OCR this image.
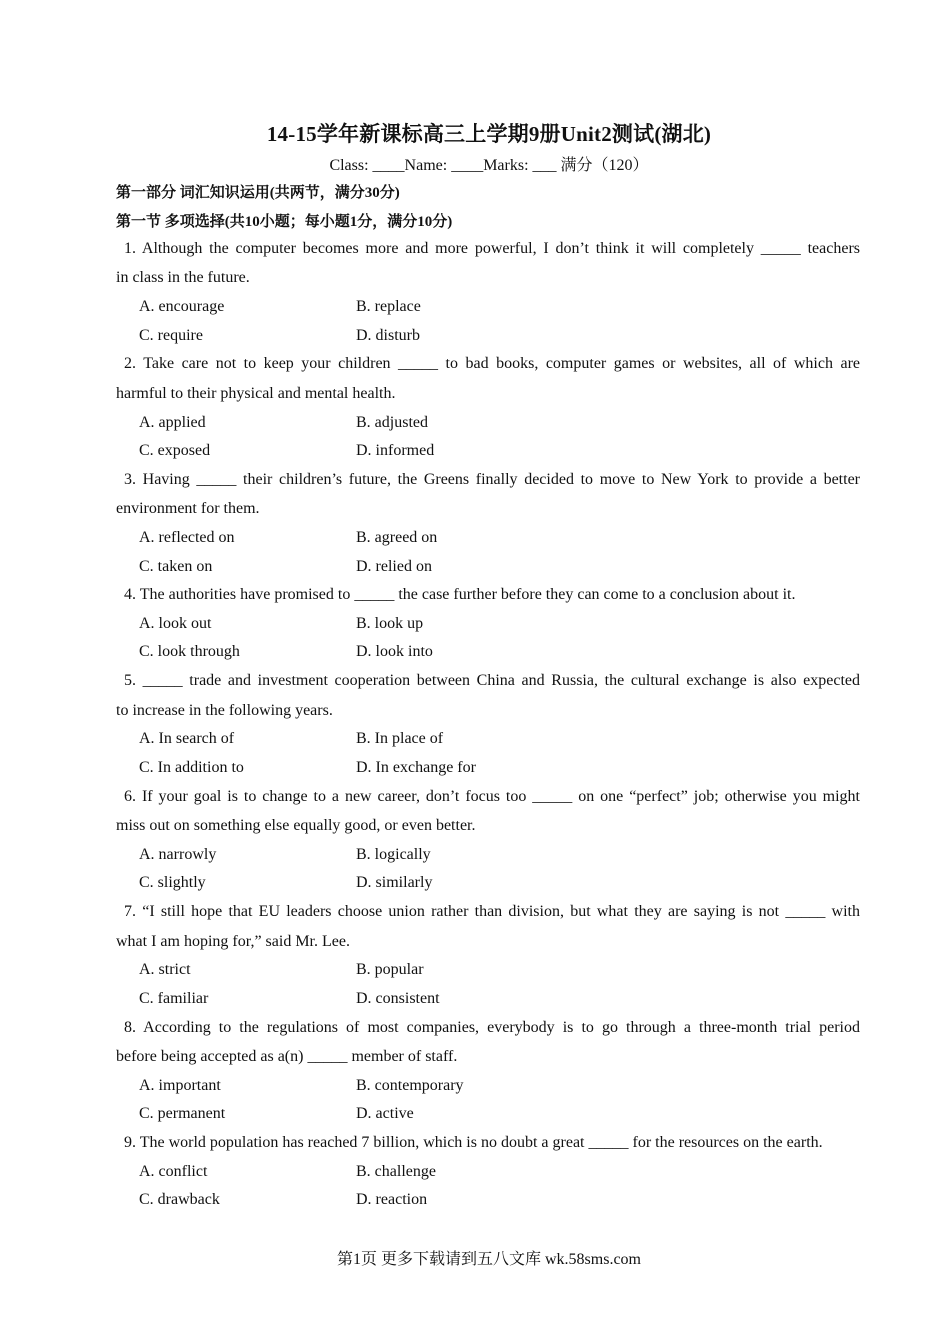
14-15学年新课标高三上学期9册Unit2测试(湖北)
Class: ____Name: ____Marks: ___ 满分（120）
第一部分 词汇知识运用(共两节，满分30分)
第一节 多项选择(共10小题；每小题1分，满分10分)
1. Although the computer becomes more and more powerful, I don’t think it will completely _____ teachers
in class in the future.
A. encourage	B. replace
C. require	D. disturb
2. Take care not to keep your children _____ to bad books, computer games or websites, all of which are
harmful to their physical and mental health.
A. applied	B. adjusted
C. exposed	D. informed
3. Having _____ their children’s future, the Greens finally decided to move to New York to provide a better
environment for them.
A. reflected on	B. agreed on
C. taken on	D. relied on
4. The authorities have promised to _____ the case further before they can come to a conclusion about it.
A. look out	B. look up
C. look through	D. look into
5. _____ trade and investment cooperation between China and Russia, the cultural exchange is also expected
to increase in the following years.
A. In search of	B. In place of
C. In addition to	D. In exchange for
6. If your goal is to change to a new career, don’t focus too _____ on one “perfect” job; otherwise you might
miss out on something else equally good, or even better.
A. narrowly	B. logically
C. slightly	D. similarly
7. “I still hope that EU leaders choose union rather than division, but what they are saying is not _____ with
what I am hoping for,” said Mr. Lee.
A. strict	B. popular
C. familiar	D. consistent
8. According to the regulations of most companies, everybody is to go through a three-month trial period
before being accepted as a(n) _____ member of staff.
A. important	B. contemporary
C. permanent	D. active
9. The world population has reached 7 billion, which is no doubt a great _____ for the resources on the earth.
A. conflict	B. challenge
C. drawback	D. reaction
第1页 更多下载请到五八文库 wk.58sms.com
